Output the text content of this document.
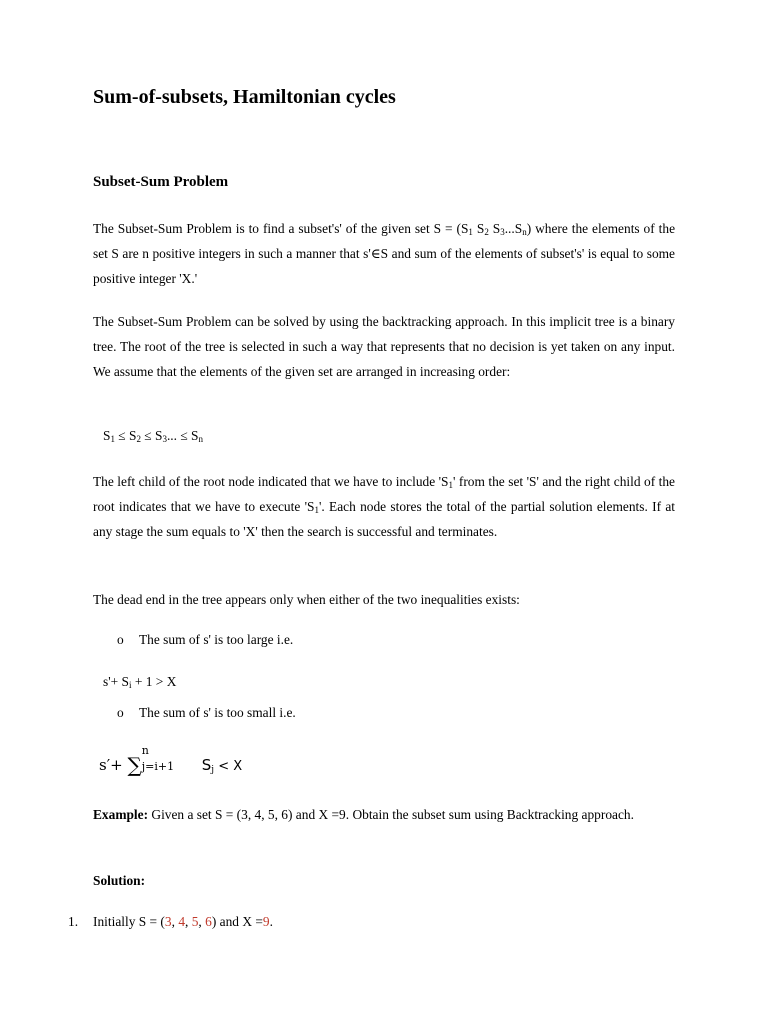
Sum-of-subsets, Hamiltonian cycles
Subset-Sum Problem

The Subset-Sum Problem is to find a subset's' of the given set $S = (S_1$ $S_2$ $S_3...S_n$) where the elements of the set S are n positive integers in such a manner that s'∈S and sum of the elements of subset's' is equal to some positive integer 'X.'

The Subset-Sum Problem can be solved by using the backtracking approach. In this implicit tree is a binary tree. The root of the tree is selected in such a way that represents that no decision is yet taken on any input. We assume that the elements of the given set are arranged in increasing order:

$S_1 \le S_2 \le S_3$... ≤ $S_n$

The left child of the root node indicated that we have to include '$S_1$' from the set 'S' and the right child of the root indicates that we have to execute '$S_1$'. Each node stores the total of the partial solution elements. If at any stage the sum equals to 'X' then the search is successful and terminates.

The dead end in the tree appears only when either of the two inequalities exists:

o The sum of s' is too large i.e.
$s'+ S_i + 1 > X$
o The sum of s' is too small i.e.
s′+ ∑
n
j=i+1 $S_j < X$

Example: Given a set S = (3, 4, 5, 6) and X =9. Obtain the subset sum using Backtracking approach.

Solution:
1. Initially S = (3, 4, 5, 6) and X =9.
